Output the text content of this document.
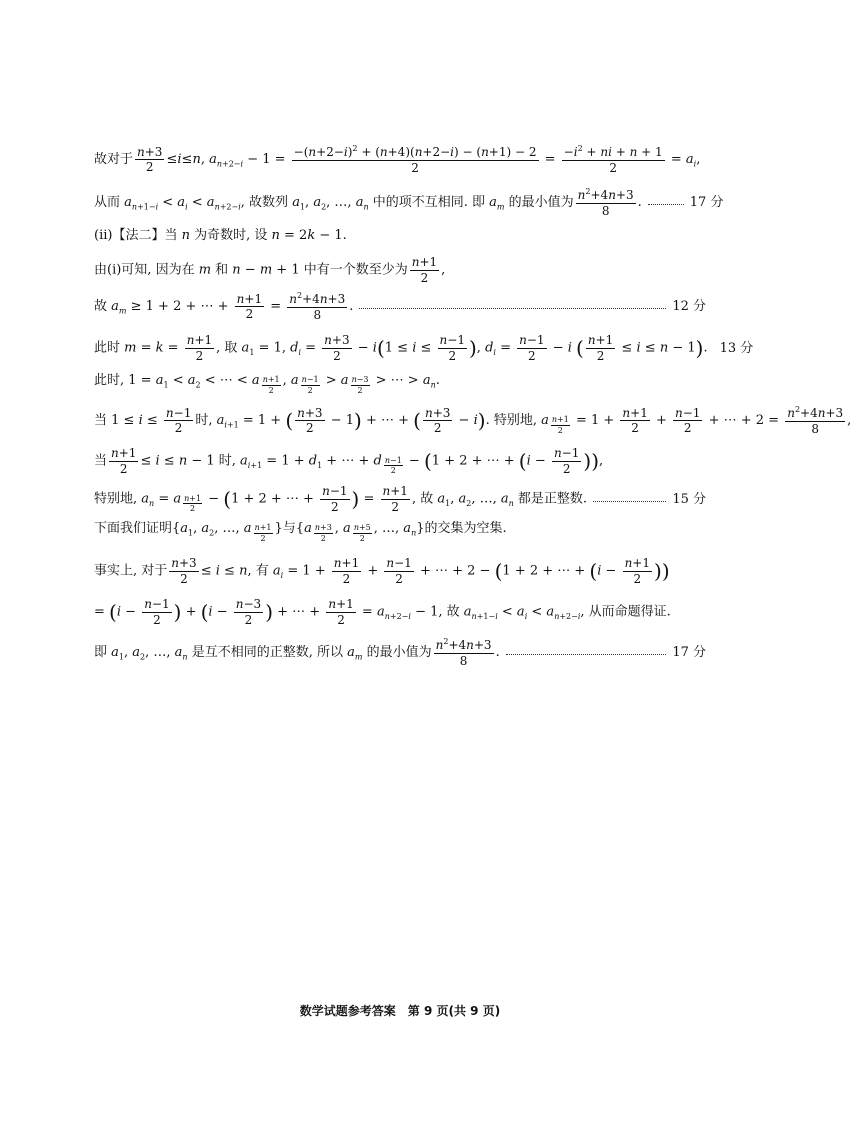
故对于 $\frac{n+3}{2} \le i\le n$, $a_{n+2-i} - 1 = \frac{-(n+2-i)^2 + (n+4)(n+2-i) - (n+1) - 2}{2} = \frac{-i^2 + ni + n + 1}{2} = a_i$,
从而 $a_{n+1-i} < a_i < a_{n+2-i}$, 故数列 $a_1$, $a_2$, …, $a_n$ 中的项不互相同. 即 $a_m$ 的最小值为 $\frac{n^2+4n+3}{8}$ .	17 分
(ⅱ)【法二】当 n 为奇数时, 设 n = 2k − 1.
由(ⅰ)可知, 因为在 m 和 n − m + 1 中有一个数至少为 $\frac{n+1}{2}$ ,
故 $a_m \ge 1 + 2$ + ⋯ + $\frac{n+1}{2} = \frac{n^2+4n+3}{8}$ .	12 分
此时 $m = k = \frac{n+1}{2}$ , 取 $a_1 = 1$, $d_i = \frac{n+3}{2} - i(1 \le i \le \frac{n-1}{2}$ ), $d_i = \frac{n-1}{2} - i$ ( $\frac{n+1}{2} \le i \le n - 1$). 13 分
此时, $1 = a_1 < a_2$ < ⋯ < a $_{\frac{n+1}{2}}$ , a $_{\frac{n-1}{2}}$ > a $_{\frac{n-3}{2}}$ > ⋯ > $a_n$.
当 $1 \le i \le \frac{n-1}{2}$ 时, $a_{i+1} = 1$ + ( $\frac{n+3}{2} - 1$) + ⋯ + ( $\frac{n+3}{2} - i$). 特别地, a $_{\frac{n+1}{2}} = 1 + \frac{n+1}{2} + \frac{n-1}{2}$ + ⋯ + $2 = \frac{n^2+4n+3}{8}$ ,
当 $\frac{n+1}{2} \le i \le n - 1$ 时, $a_{i+1} = 1 + d_1$ + ⋯ + d $_{\frac{n-1}{2}}$ − (1 + 2 + ⋯ + ($i - \frac{n-1}{2}$ )),
特别地, $a_n = a$ $_{\frac{n+1}{2}}$ − (1 + 2 + ⋯ + $\frac{n-1}{2}$ ) = $\frac{n+1}{2}$ , 故 $a_1$, $a_2$, …, $a_n$ 都是正整数.	15 分
下面我们证明{$a_1$, $a_2$, …, a $_{\frac{n+1}{2}}$ }与{a $_{\frac{n+3}{2}}$ , a $_{\frac{n+5}{2}}$ , …, $a_n$}的交集为空集.
事实上, 对于 $\frac{n+3}{2} \le i \le n$, 有 $a_i = 1 + \frac{n+1}{2} + \frac{n-1}{2}$ + ⋯ + 2 − (1 + 2 + ⋯ + ($i - \frac{n+1}{2}$ ))
= ($i - \frac{n-1}{2}$ ) + ($i - \frac{n-3}{2}$ ) + ⋯ + $\frac{n+1}{2} = a_{n+2-i} - 1$, 故 $a_{n+1-i} < a_i < a_{n+2-i}$, 从而命题得证.
即 $a_1$, $a_2$, …, $a_n$ 是互不相同的正整数, 所以 $a_m$ 的最小值为 $\frac{n^2+4n+3}{8}$ .	17 分
数学试题参考答案　第 9 页(共 9 页)
